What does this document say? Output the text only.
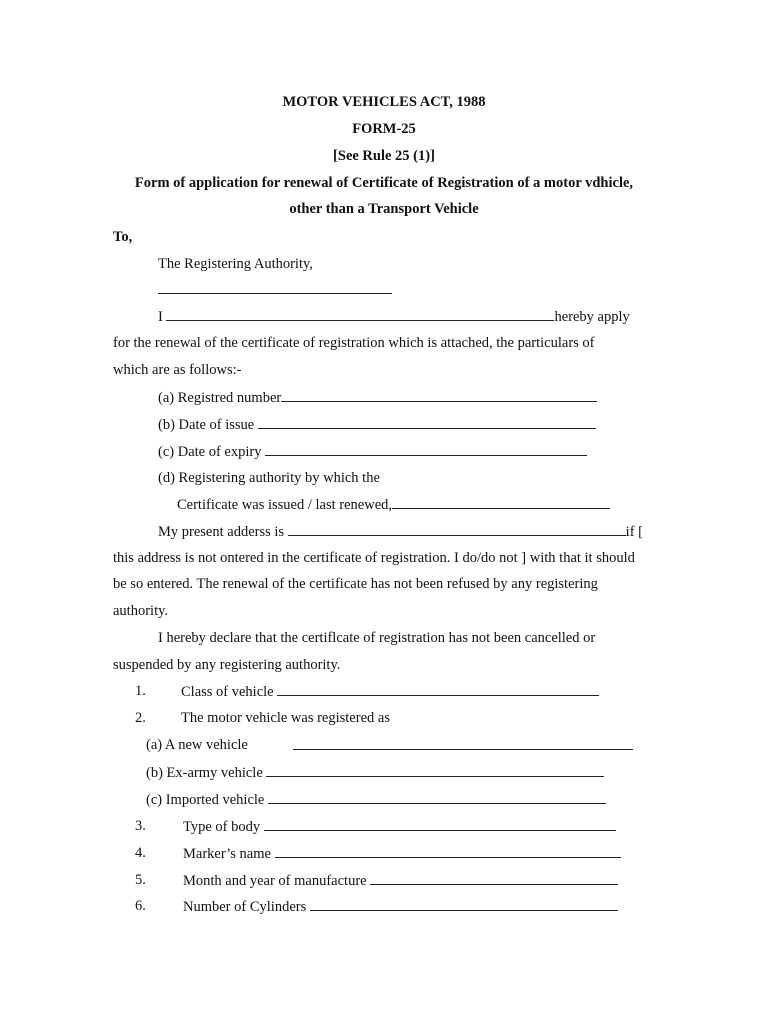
MOTOR VEHICLES ACT, 1988
FORM-25
[See Rule 25 (1)]
Form of application for renewal of Certificate of Registration of a motor vdhicle,
other than a Transport Vehicle
To,
The Registering Authority,
I	hereby apply
for the renewal of the certificate of registration which is attached, the particulars of
which are as follows:-
(a) Registred number
(b) Date of issue
(c) Date of expiry
(d) Registering authority by which the
Certificate was issued / last renewed,
My present adderss is	if [
this address is not ontered in the certificate of registration. I do/do not ] with that it should
be so entered. The renewal of the certificate has not been refused by any registering
authority.
I hereby declare that the certiflcate of registration has not been cancelled or
suspended by any registering authority.
1. Class of vehicle
2. The motor vehicle was registered as
(a) A new vehicle
(b) Ex-army vehicle
(c) Imported vehicle
3.	Type of body
4.	Marker’s name
5.	Month and year of manufacture
6.	Number of Cylinders
